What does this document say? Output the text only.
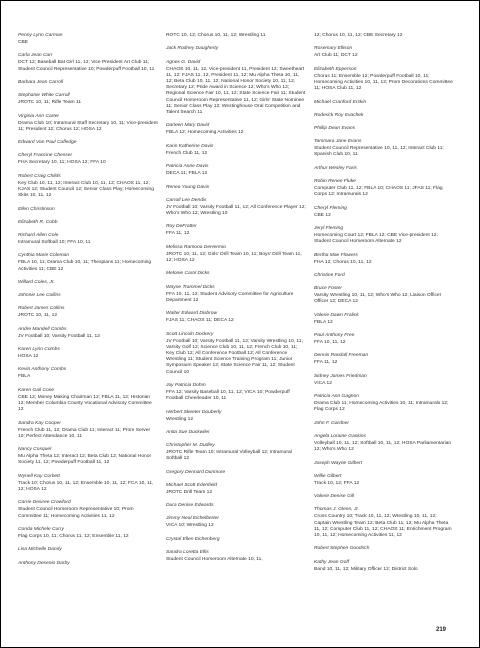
Penny Lynn Carman
CBE
Carla Jean Carr
DCT 12; Baseball Bat Girl 11, 12; Vice President Art Club 11; Student Council Representative 10; Powderpuff Football 10, 11
Barbara Jean Carroll
Stephanie White Carroll
JROTC 10, 11; Rifle Team 11
Virginia Ann Carter
Drama Club 10; Intramural Staff Secretary 10, 11; Vice-president 11; President 12; Chorus 12; HOSA 12
Edward Van Paul Cofledge
Cheryl Francine Chesser
FHA Secretary 10, 11; HOSA 12; FFA 10
Robert Craig Childs
Key Club 10, 11, 12; Interact Club 10, 11, 12; CHAOS 11, 12; KJAS 12; Student Council 12; Senior Class Play; Homecoming Skits 10, 11, 12
Ellen Christinson
Elizabeth R. Cobb
Richard Allen Cole
Intramural Softball 10; FFA 10, 11
Cynthia Marie Coleman
FBLA 10, 11; Drama Club 10, 11; Thespians 11; Homecoming Activities 11; CBE 12
Willard Coles, Jr.
Johnnie Lee Collins
Robert James Collins
JROTC 10, 11, 12
Andre Mandell Combs
JV Football 10; Varsity Football 11, 12
Karen Lynn Combs
HOSA 12
Kevin Anthony Combs
FBLA
Karen Gail Cone
CBE 12; Money Making Chairman 12; FBLA 11, 12; Historian 12; Member Columbia County Vocational Advisory Committee 12
Sandra Kay Cooper
French Club 11, 12; Drama Club 11; Interact 11; Prom Server 10; Perfect Attendance 10, 11
Nancy Cosquel
Mu Alpha Theta 12; Interact 12; Beta Club 12; National Honor Society 11, 12; Powderpuff Football 11, 12
Wynell Kay Corbett
Track 10; Chorus 10, 11, 12; Ensemble 10, 11, 12; FCA 10, 11, 12; HOSA 12
Carrie Desiree Crawford
Student Council Homeroom Representative 10; Prom Committee 11; Homecoming Activities 11, 12
Conda Michele Curry
Flag Corps 10, 11; Chorus 11, 12; Ensemble 11, 12
Lisa Michelle Dandy
Anthony Desenio Darby
ROTC 10, 12; Chorus 10, 11, 12; Wrestling 11
Jack Rodney Daugherty
Agnes G. David
CHAOS 10, 11, 12, Vice-president 11, President 12; Sweetheart 11, 12; FJAS 11, 12, President 11, 12; Mu Alpha Theta 10, 11, 12; Beta Club 10, 11, 12; National Honor Society 10, 11, 12, Secretary 12; Pride Award in Science 12; Who's Who 12; Regional Science Fair 10, 11, 12; State Science Fair 11; Student Council Homeroom Representative 11, 12; Girls' State Nominee 11; Senior Class Play 12; Westinghouse Oral Competition and Talent Search 11
Darleen Mary David
FBLA 12; Homecoming Activities 12
Karin Katherine Davis
French Club 11, 12
Patricia Anne Davis
DECA 11; FBLA 12
Renea Young Davis
Carroll Lee Dendis
JV Football 10; Varsity Football 11, 12; All Conference Player 12; Who's Who 12; Wrestling 10
Roy DeFratter
FFA 11, 12
Melissa Ramona DeHermio
JROTC 10, 11, 12; Girls' Drill Team 10, 11; Boys' Drill Team 11, 12; HOSA 12
Melonie Carol Dicks
Wayne Trammel Dicks
FFA 10, 11, 12; Student Advisory Committee for Agriculture Department 12
Walter Edward Disbrow
FJAS 11; CHAOS 11; DECA 12
Scott Lincoln Dockery
JV Football 10; Varsity Football 11, 12; Varsity Wrestling 10, 11; Varsity Golf 12; Science Club 10, 11, 12; French Club 10, 11; Key Club 12; All Conference Football 12; All Conference Wrestling 11; Student Science Training Program 11; Junior Symposium Speaker 12; State Science Fair 11, 12; Student Council 10
Joy Patricia Dohm
FFA 12; Varsity Baseball 10, 11, 12; VICA 10; Powderpuff Football Cheerleader 10, 11
Herbert Skeeter Douberly
Wrestling 12
Anita Sue Duckwiler
Christopher M. Dudley
JROTC Rifle Team 10; Intramural Volleyball 12; Intramural Softball 12
Gregory Dennard Dunmore
Michael Scott Edenfield
JROTC Drill Team 12
Dura Denise Edwards
Jimmy Neal Eichelberter
VICA 10; Wrestling 12
Crystal Ellen Eichenberg
Sandra Loretta Ellis
Student Council Homeroom Alternate 10, 11,
12; Chorus 10, 11, 12; CBE Secretary 12
Rosemary Ellison
Art Club 11; DCT 12
Elizabeth Epperson
Chorus 11; Ensemble 12; Powderpuff Football 10, 11; Homecoming Activities 10, 11, 12; Prom Decorations Committee 11; HOSA Club 11, 12
Michael Cranford Erskin
Roderick Roy Evachek
Phillip Dean Evans
Tammara Jane Evans
Student Council Representative 10, 11, 12; Interact Club 11; Spanish Club 10, 11
Arthur Wesley Faris
Robin Renee Fluke
Computer Club 11, 12; FBLA 10; CHAOS 11; JFAS 11; Flag Corps 12; Intramurals 12
Cheryl Fleming
CBE 12
Jeryl Fleming
Homecoming Court 12; FBLA 12; CBE Vice-president 12; Student Council Homeroom Alternate 12
Bertha Mae Flowers
FHA 12; Chorus 10, 11, 12
Christine Ford
Bruce Foster
Varsity Wrestling 10, 11, 12; Who's Who 12; Liaison Officer Officer 12; DECA 12
Valerie Dawn Fralick
FBLA 12
Paul Anthony Free
FFA 10, 11, 12
Dennis Randall Freeman
FFA 11, 12
Sidney James Friedman
VICA 12
Patricia Ann Gagnon
Drama Club 11; Homecoming Activities 10, 11; Intramurals 12; Flag Corps 12
John F. Gardner
Angela Loraine Gaskins
Volleyball 10, 11, 12; Softball 10, 11, 12; HOSA Parliamentarian 12; Who's Who 12
Joseph Wayne Gilbert
Willie Gilbert
Track 10, 12; FFA 12
Valerie Denise Gill
Thomas J. Glenn, Jr.
Cross Country 10; Track 10, 11, 12; Wrestling 10, 11, 12; Captain Wrestling Team 12; Beta Club 11, 12; Mu Alpha Theta 11, 12; Computer Club 11, 12; CHAOS 11; Enrichment Program 10, 11, 12; Homecoming Activities 11, 12
Robert Stephen Goodrich
Kathy Jean Goff
Band 10, 11, 12; Military Officer 12; District Solo
219
